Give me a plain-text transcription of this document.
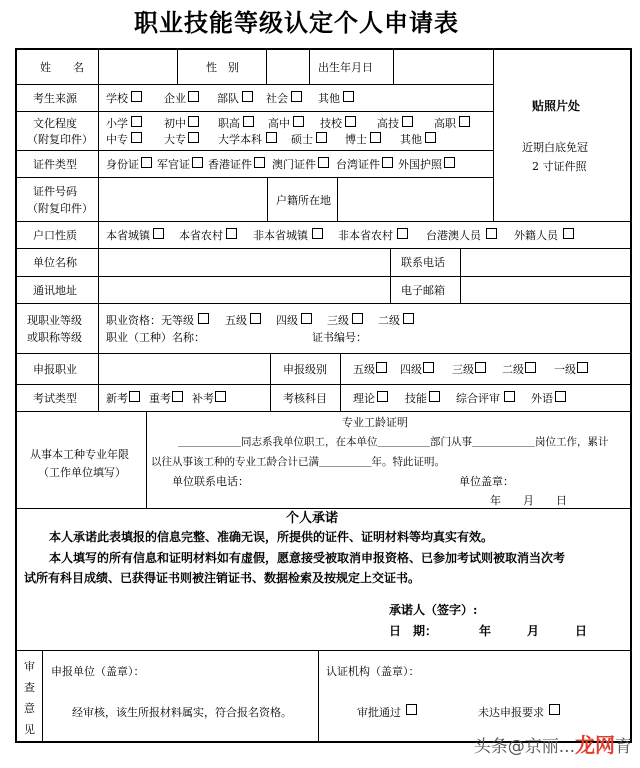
职业技能等级认定个人申请表
姓　　名	性　别	出生年月日
贴照片处
近期白底免冠
2 寸证件照
考生来源	学校	企业	部队 社会	其他
文化程度
（附复印件）
小学	初中	职高	高中	技校	高技	高职
中专	大专	大学本科	硕士	博士	其他
证件类型	身份证 军官证 香港证件 澳门证件 台湾证件 外国护照
证件号码
（附复印件）
户籍所在地
户口性质	本省城镇	本省农村	非本省城镇	非本省农村	台港澳人员	外籍人员
单位名称	联系电话
通讯地址	电子邮箱
现职业等级
或职称等级
职业资格：无等级	五级	四级	三级	二级
职业（工种）名称：	证书编号：
申报职业	申报级别 五级 四级	三级	二级	一级
考试类型	新考 重考 补考	考核科目 理论	技能	综合评审	外语
从事本工种专业年限
（工作单位填写）
专业工龄证明
＿＿＿＿＿＿同志系我单位职工，在本单位＿＿＿＿＿部门从事＿＿＿＿＿＿岗位工作，累计
以往从事该工种的专业工龄合计已满＿＿＿＿＿年。特此证明。
单位联系电话：	单位盖章：
年　　月　　日
个人承诺
本人承诺此表填报的信息完整、准确无误，所提供的证件、证明材料等均真实有效。
本人填写的所有信息和证明材料如有虚假，愿意接受被取消申报资格、已参加考试则被取消当次考
试所有科目成绩、已获得证书则被注销证书、数据检索及按规定上交证书。
承诺人（签字）:
日　期：　　　　年　　　月　　　日
审
查
意
见
申报单位（盖章）：
经审核，该生所报材料属实，符合报名资格。
认证机构（盖章）：
审批通过	未达申报要求
头条@京丽...龙网育
